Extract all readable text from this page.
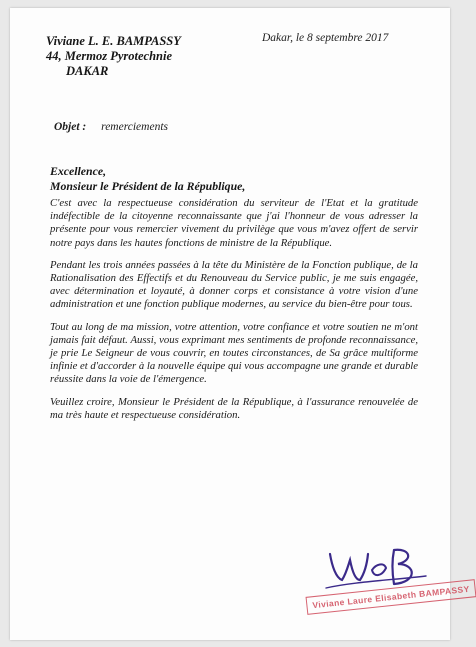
Viviane L. E. BAMPASSY
44, Mermoz Pyrotechnie
DAKAR
Dakar, le 8 septembre 2017
Objet : remerciements
Excellence,
Monsieur le Président de la République,

C'est avec la respectueuse considération du serviteur de l'Etat et la gratitude indéfectible de la citoyenne reconnaissante que j'ai l'honneur de vous adresser la présente pour vous remercier vivement du privilège que vous m'avez offert de servir notre pays dans les hautes fonctions de ministre de la République.

Pendant les trois années passées à la tête du Ministère de la Fonction publique, de la Rationalisation des Effectifs et du Renouveau du Service public, je me suis engagée, avec détermination et loyauté, à donner corps et consistance à votre vision d'une administration et une fonction publique modernes, au service du bien-être pour tous.

Tout au long de ma mission, votre attention, votre confiance et votre soutien ne m'ont jamais fait défaut. Aussi, vous exprimant mes sentiments de profonde reconnaissance, je prie Le Seigneur de vous couvrir, en toutes circonstances, de Sa grâce multiforme infinie et d'accorder à la nouvelle équipe qui vous accompagne une grande et durable réussite dans la voie de l'émergence.

Veuillez croire, Monsieur le Président de la République, à l'assurance renouvelée de ma très haute et respectueuse considération.

Viviane Laure Elisabeth BAMPASSY
